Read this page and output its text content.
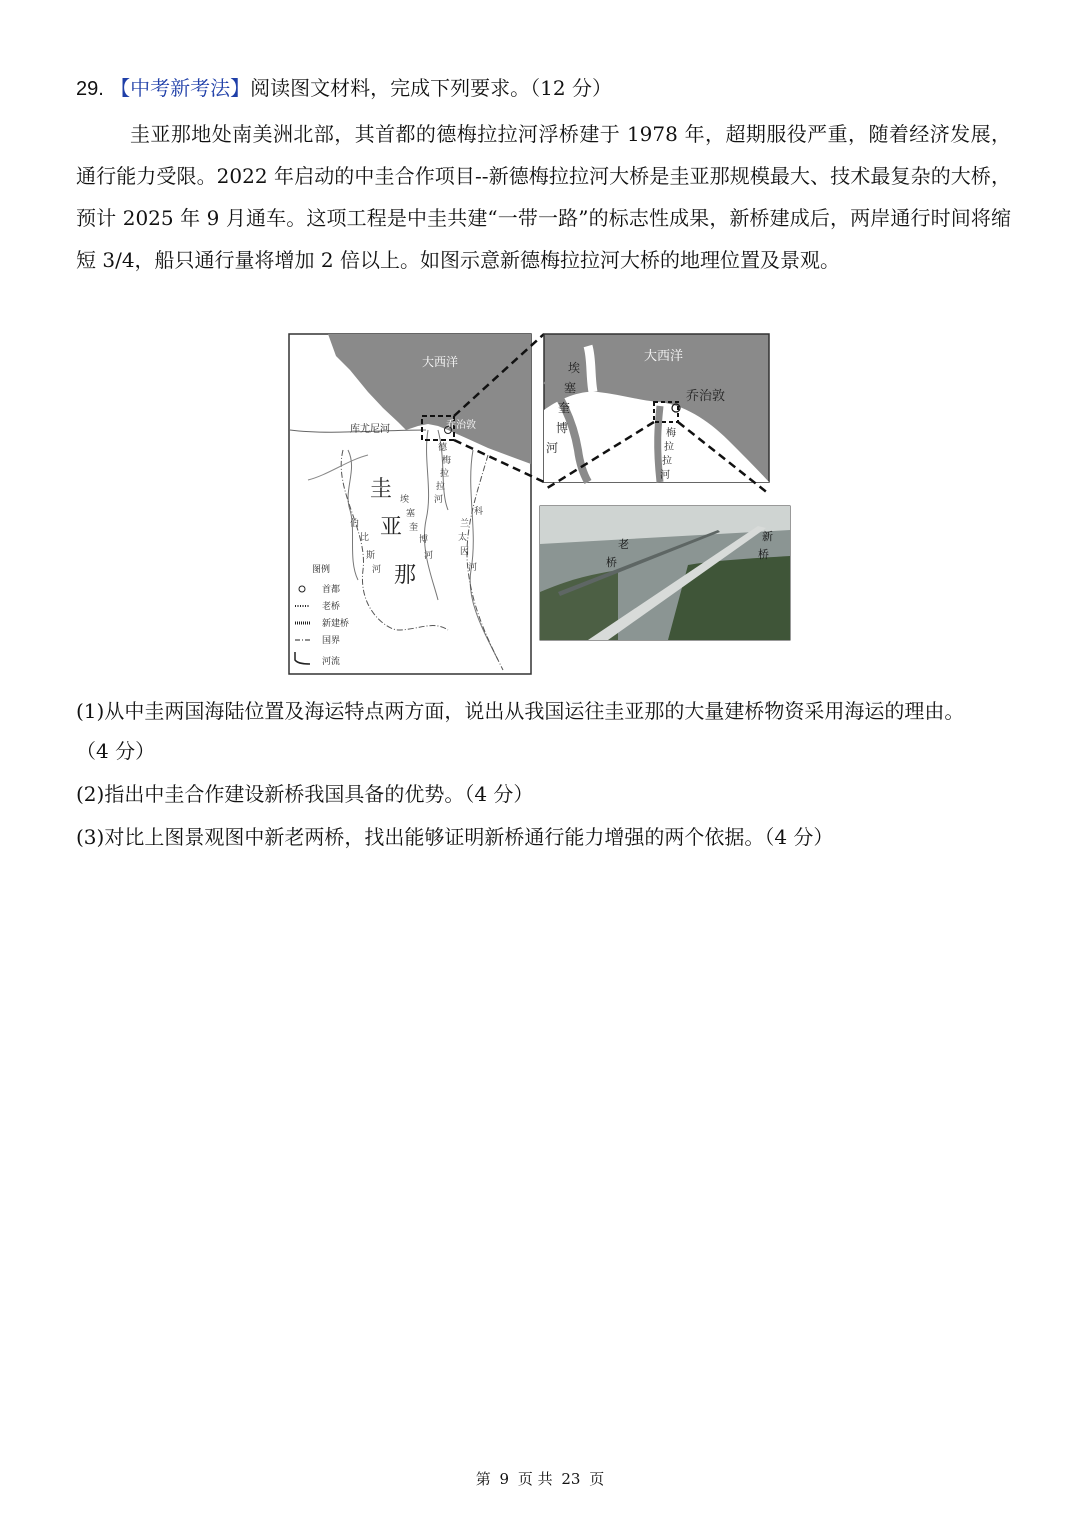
29. 【中考新考法】阅读图文材料，完成下列要求。（12 分）
圭亚那地处南美洲北部，其首都的德梅拉拉河浮桥建于 1978 年，超期服役严重，随着经济发展，通行能力受限。2022 年启动的中圭合作项目--新德梅拉拉河大桥是圭亚那规模最大、技术最复杂的大桥，预计 2025 年 9 月通车。这项工程是中圭共建“一带一路”的标志性成果，新桥建成后，两岸通行时间将缩短 3/4，船只通行量将增加 2 倍以上。如图示意新德梅拉拉河大桥的地理位置及景观。
大西洋
乔治敦
库尤尼河
圭
亚
那
埃
塞
奎
博
河
德
梅
拉
拉
河
伯
比
斯
河
科
兰
太
因
河
图例
首都
老桥
新建桥
国界
河流
大西洋
乔治敦
埃
塞
奎
博
河
梅
拉
拉
河
老
桥
新
桥
(1)从中圭两国海陆位置及海运特点两方面，说出从我国运往圭亚那的大量建桥物资采用海运的理由。
（4 分）
(2)指出中圭合作建设新桥我国具备的优势。（4 分）
(3)对比上图景观图中新老两桥，找出能够证明新桥通行能力增强的两个依据。（4 分）
第 9 页 共 23 页
